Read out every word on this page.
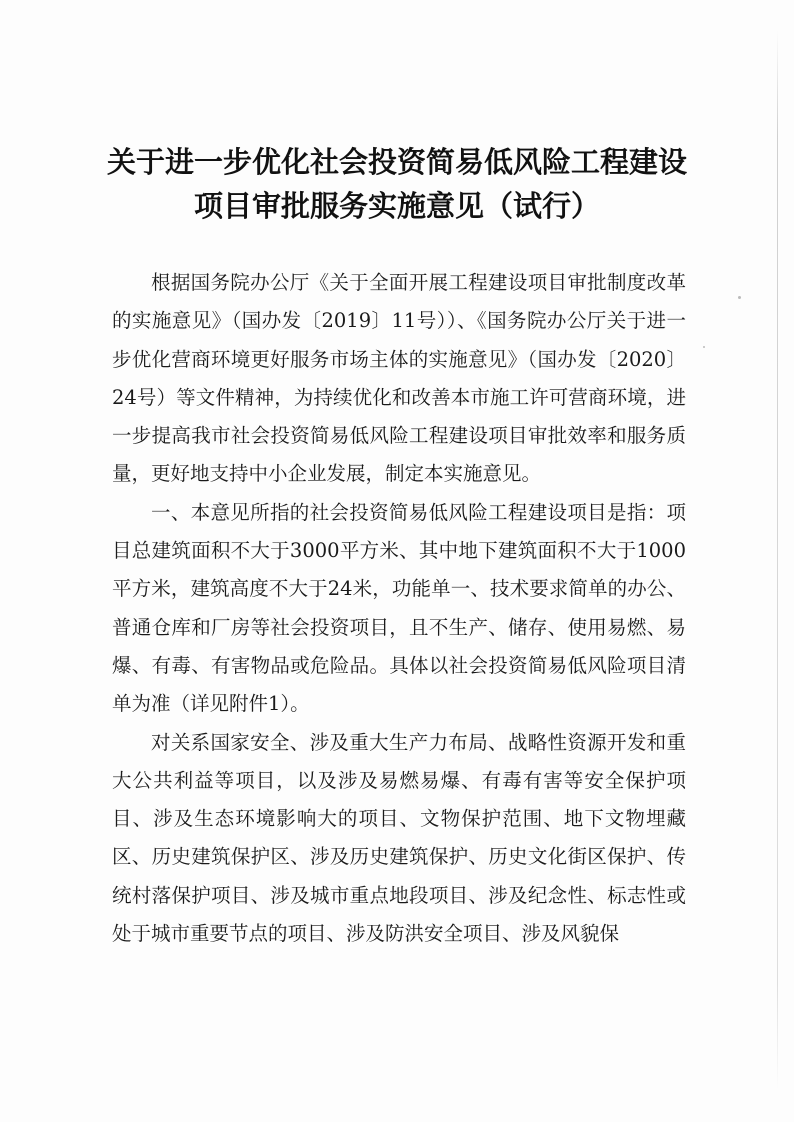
关于进一步优化社会投资简易低风险工程建设
项目审批服务实施意见（试行）

根据国务院办公厅《关于全面开展工程建设项目审批制度改革的实施意见》（国办发〔2019〕11号））、《国务院办公厅关于进一步优化营商环境更好服务市场主体的实施意见》（国办发〔2020〕24号）等文件精神，为持续优化和改善本市施工许可营商环境，进一步提高我市社会投资简易低风险工程建设项目审批效率和服务质量，更好地支持中小企业发展，制定本实施意见。

一、本意见所指的社会投资简易低风险工程建设项目是指：项目总建筑面积不大于3000平方米、其中地下建筑面积不大于1000平方米，建筑高度不大于24米，功能单一、技术要求简单的办公、普通仓库和厂房等社会投资项目，且不生产、储存、使用易燃、易爆、有毒、有害物品或危险品。具体以社会投资简易低风险项目清单为准（详见附件1）。

对关系国家安全、涉及重大生产力布局、战略性资源开发和重大公共利益等项目，以及涉及易燃易爆、有毒有害等安全保护项目、涉及生态环境影响大的项目、文物保护范围、地下文物埋藏区、历史建筑保护区、涉及历史建筑保护、历史文化街区保护、传统村落保护项目、涉及城市重点地段项目、涉及纪念性、标志性或处于城市重要节点的项目、涉及防洪安全项目、涉及风貌保
